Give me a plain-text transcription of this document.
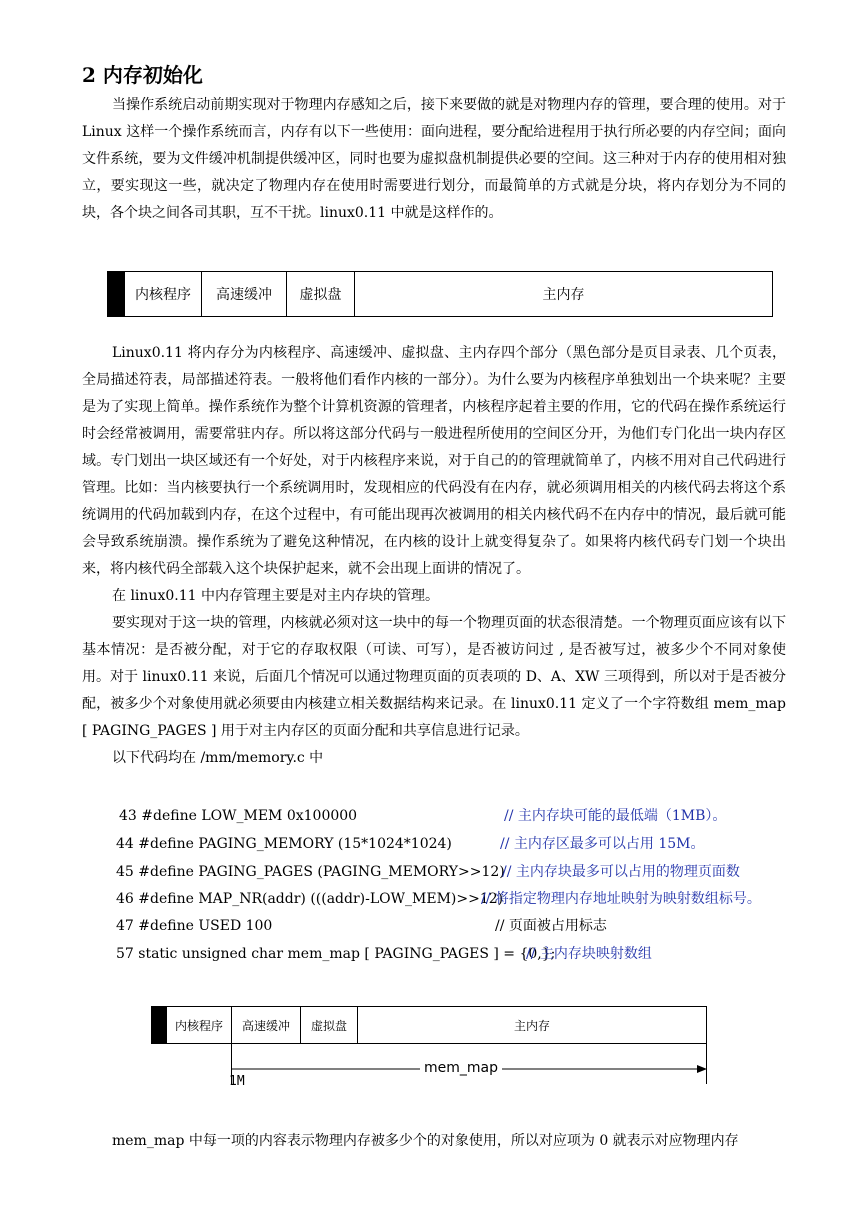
2 内存初始化

当操作系统启动前期实现对于物理内存感知之后，接下来要做的就是对物理内存的管理，要合理的使用。对于 Linux 这样一个操作系统而言，内存有以下一些使用：面向进程，要分配给进程用于执行所必要的内存空间；面向文件系统，要为文件缓冲机制提供缓冲区，同时也要为虚拟盘机制提供必要的空间。这三种对于内存的使用相对独立，要实现这一些，就决定了物理内存在使用时需要进行划分，而最简单的方式就是分块，将内存划分为不同的块，各个块之间各司其职，互不干扰。linux0.11 中就是这样作的。

内核程序	高速缓冲	虚拟盘	主内存

Linux0.11 将内存分为内核程序、高速缓冲、虚拟盘、主内存四个部分（黑色部分是页目录表、几个页表，全局描述符表，局部描述符表。一般将他们看作内核的一部分）。为什么要为内核程序单独划出一个块来呢？主要是为了实现上简单。操作系统作为整个计算机资源的管理者，内核程序起着主要的作用，它的代码在操作系统运行时会经常被调用，需要常驻内存。所以将这部分代码与一般进程所使用的空间区分开，为他们专门化出一块内存区域。专门划出一块区域还有一个好处，对于内核程序来说，对于自己的的管理就简单了，内核不用对自己代码进行管理。比如：当内核要执行一个系统调用时，发现相应的代码没有在内存，就必须调用相关的内核代码去将这个系统调用的代码加载到内存，在这个过程中，有可能出现再次被调用的相关内核代码不在内存中的情况，最后就可能会导致系统崩溃。操作系统为了避免这种情况，在内核的设计上就变得复杂了。如果将内核代码专门划一个块出来，将内核代码全部载入这个块保护起来，就不会出现上面讲的情况了。

在 linux0.11 中内存管理主要是对主内存块的管理。

要实现对于这一块的管理，内核就必须对这一块中的每一个物理页面的状态很清楚。一个物理页面应该有以下基本情况：是否被分配，对于它的存取权限（可读、可写），是否被访问过 , 是否被写过，被多少个不同对象使用。对于 linux0.11 来说，后面几个情况可以通过物理页面的页表项的 D、A、XW 三项得到，所以对于是否被分配，被多少个对象使用就必须要由内核建立相关数据结构来记录。在 linux0.11 定义了一个字符数组 mem_map [ PAGING_PAGES ] 用于对主内存区的页面分配和共享信息进行记录。

以下代码均在 /mm/memory.c 中

43 #define LOW_MEM 0x100000	// 主内存块可能的最低端（1MB）。
44 #define PAGING_MEMORY (15*1024*1024)	// 主内存区最多可以占用 15M。
45 #define PAGING_PAGES (PAGING_MEMORY>>12)
// 主内存块最多可以占用的物理页面数
46 #define MAP_NR(addr) (((addr)-LOW_MEM)>>12)
// 将指定物理内存地址映射为映射数组标号。
47 #define USED 100	// 页面被占用标志
57 static unsigned char mem_map [ PAGING_PAGES ] = {0,};
// 主内存块映射数组
内核程序	高速缓冲	虚拟盘	主内存
mem_map
1M

mem_map 中每一项的内容表示物理内存被多少个的对象使用，所以对应项为 0 就表示对应物理内存
